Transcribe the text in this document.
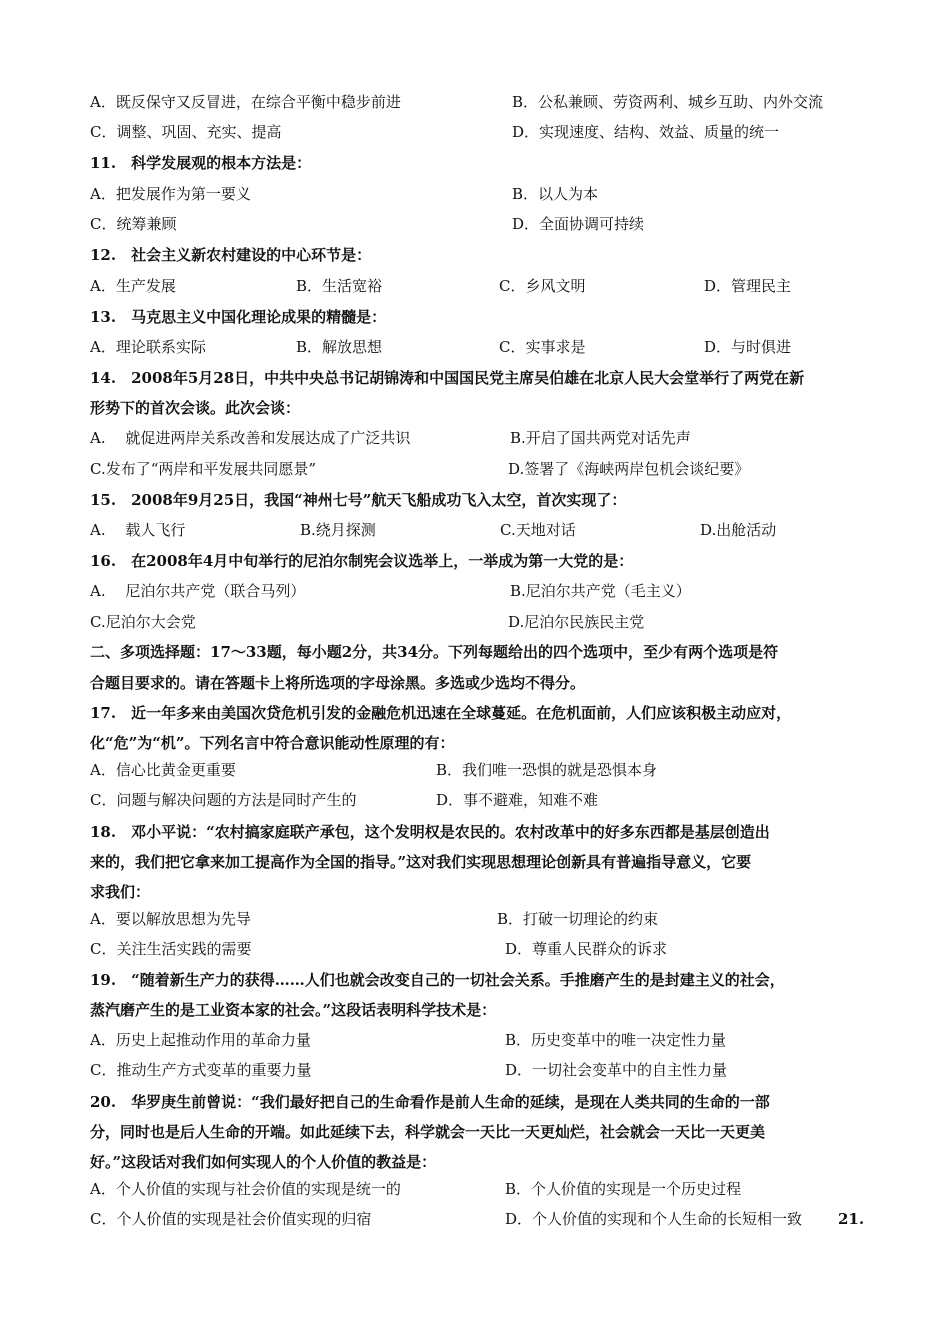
A．既反保守又反冒进，在综合平衡中稳步前进	B．公私兼顾、劳资两利、城乡互助、内外交流
C．调整、巩固、充实、提高	D．实现速度、结构、效益、质量的统一
11.　科学发展观的根本方法是：
A．把发展作为第一要义	B．以人为本
C．统筹兼顾	D．全面协调可持续
12.　社会主义新农村建设的中心环节是：
A．生产发展	B．生活宽裕	C．乡风文明	D．管理民主
13.　马克思主义中国化理论成果的精髓是：
A．理论联系实际	B．解放思想	C．实事求是	D．与时俱进
14.　2008年5月28日，中共中央总书记胡锦涛和中国国民党主席吴伯雄在北京人民大会堂举行了两党在新
形势下的首次会谈。此次会谈：
A.　 就促进两岸关系改善和发展达成了广泛共识	B.开启了国共两党对话先声
C.发布了“两岸和平发展共同愿景”	D.签署了《海峡两岸包机会谈纪要》
15.　2008年9月25日，我国“神州七号”航天飞船成功飞入太空，首次实现了：
A.　 载人飞行	B.绕月探测	C.天地对话	D.出舱活动
16.　在2008年4月中旬举行的尼泊尔制宪会议选举上，一举成为第一大党的是：
A.　 尼泊尔共产党（联合马列）	B.尼泊尔共产党（毛主义）
C.尼泊尔大会党	D.尼泊尔民族民主党
二、多项选择题：17～33题，每小题2分，共34分。下列每题给出的四个选项中，至少有两个选项是符
合题目要求的。请在答题卡上将所选项的字母涂黑。多选或少选均不得分。
17.　近一年多来由美国次贷危机引发的金融危机迅速在全球蔓延。在危机面前，人们应该积极主动应对，
化“危”为“机”。下列名言中符合意识能动性原理的有：
A．信心比黄金更重要	B．我们唯一恐惧的就是恐惧本身
C．问题与解决问题的方法是同时产生的	D．事不避难，知难不难
18.　邓小平说：“农村搞家庭联产承包，这个发明权是农民的。农村改革中的好多东西都是基层创造出
来的，我们把它拿来加工提高作为全国的指导。”这对我们实现思想理论创新具有普遍指导意义，它要
求我们：
A．要以解放思想为先导	B．打破一切理论的约束
C．关注生活实践的需要	D．尊重人民群众的诉求
19.　“随着新生产力的获得……人们也就会改变自己的一切社会关系。手推磨产生的是封建主义的社会，
蒸汽磨产生的是工业资本家的社会。”这段话表明科学技术是：
A．历史上起推动作用的革命力量	B．历史变革中的唯一决定性力量
C．推动生产方式变革的重要力量	D．一切社会变革中的自主性力量
20.　华罗庚生前曾说：“我们最好把自己的生命看作是前人生命的延续，是现在人类共同的生命的一部
分，同时也是后人生命的开端。如此延续下去，科学就会一天比一天更灿烂，社会就会一天比一天更美
好。”这段话对我们如何实现人的个人价值的教益是：
A．个人价值的实现与社会价值的实现是统一的	B．个人价值的实现是一个历史过程
C．个人价值的实现是社会价值实现的归宿	D．个人价值的实现和个人生命的长短相一致 21.
